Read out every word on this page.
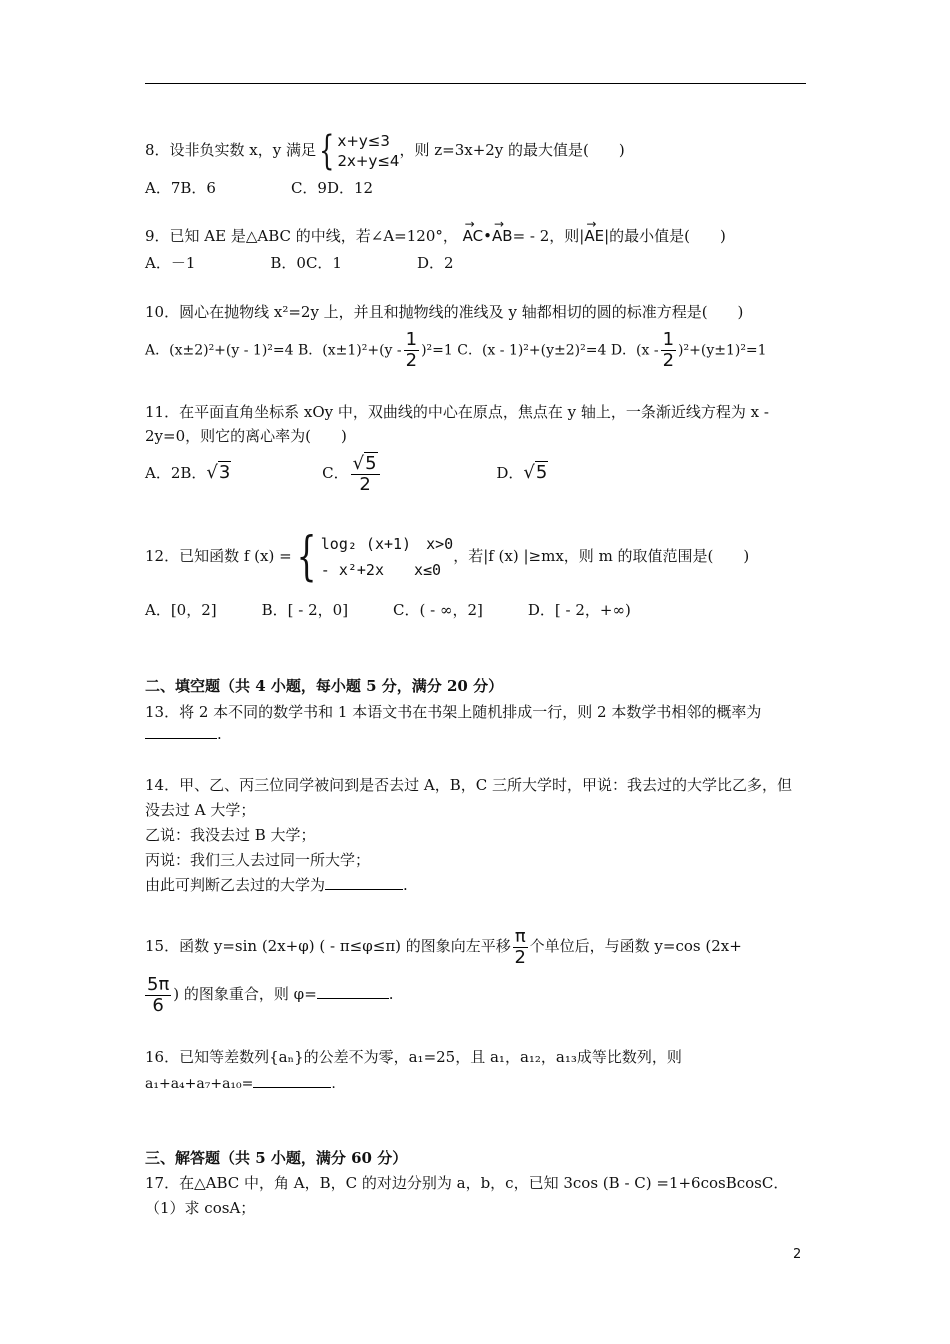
8．设非负实数 x，y 满足{ x+y≤3
2x+y≤4，则 z=3x+2y 的最大值是(　　)
A．7B．6　　　　　C．9D．12
9．已知 AE 是△ABC 的中线，若∠A=120°， → AC•→ AB= - 2，则|→ AE|的最小值是(　　)
A．－1　　　　　B．0C．1　　　　　D．2
10．圆心在抛物线 x²=2y 上，并且和抛物线的准线及 y 轴都相切的圆的标准方程是(　　)
A．(x±2)²+(y - 1)²=4 B．$(x\pm 1)^2+(y - \frac{1}{2} )^2=1$ C．(x - 1)²+(y±2)²=4 D．$(x - \frac{1}{2} )^2+(y\pm 1)^2=1$
11．在平面直角坐标系 xOy 中，双曲线的中心在原点，焦点在 y 轴上，一条渐近线方程为 x -
2y=0，则它的离心率为(　　)
A．2B．√3	C． $\frac{√5}{2}$	D．√5
12．已知函数 f (x) ={ log₂ (x+1)　x>0
- x²+2x　　x≤0，若|f (x) |≥mx，则 m 的取值范围是(　　)
A．[0，2]　　　B．[ - 2，0]　　　C．( - ∞，2]　　　D．[ - 2，+∞)
二、填空题（共 4 小题，每小题 5 分，满分 20 分）
13．将 2 本不同的数学书和 1 本语文书在书架上随机排成一行，则 2 本数学书相邻的概率为
.
14．甲、乙、丙三位同学被问到是否去过 A，B，C 三所大学时，甲说：我去过的大学比乙多，但
没去过 A 大学；
乙说：我没去过 B 大学；
丙说：我们三人去过同一所大学；
由此可判断乙去过的大学为	.
15．函数 y=sin (2x+φ) ( - π≤φ≤π) 的图象向左平移 $\frac{\pi}{2}$ 个单位后，与函数 y=cos (2x+
$\frac{5\pi}{6}$ ) 的图象重合，则 φ=	.
16．已知等差数列{aₙ}的公差不为零，a₁=25，且 a₁，a₁₂，a₁₃成等比数列，则
a₁+a₄+a₇+a₁₀=	.
三、解答题（共 5 小题，满分 60 分）
17．在△ABC 中，角 A，B，C 的对边分别为 a，b，c，已知 3cos (B - C) =1+6cosBcosC．
（1）求 cosA；
2
